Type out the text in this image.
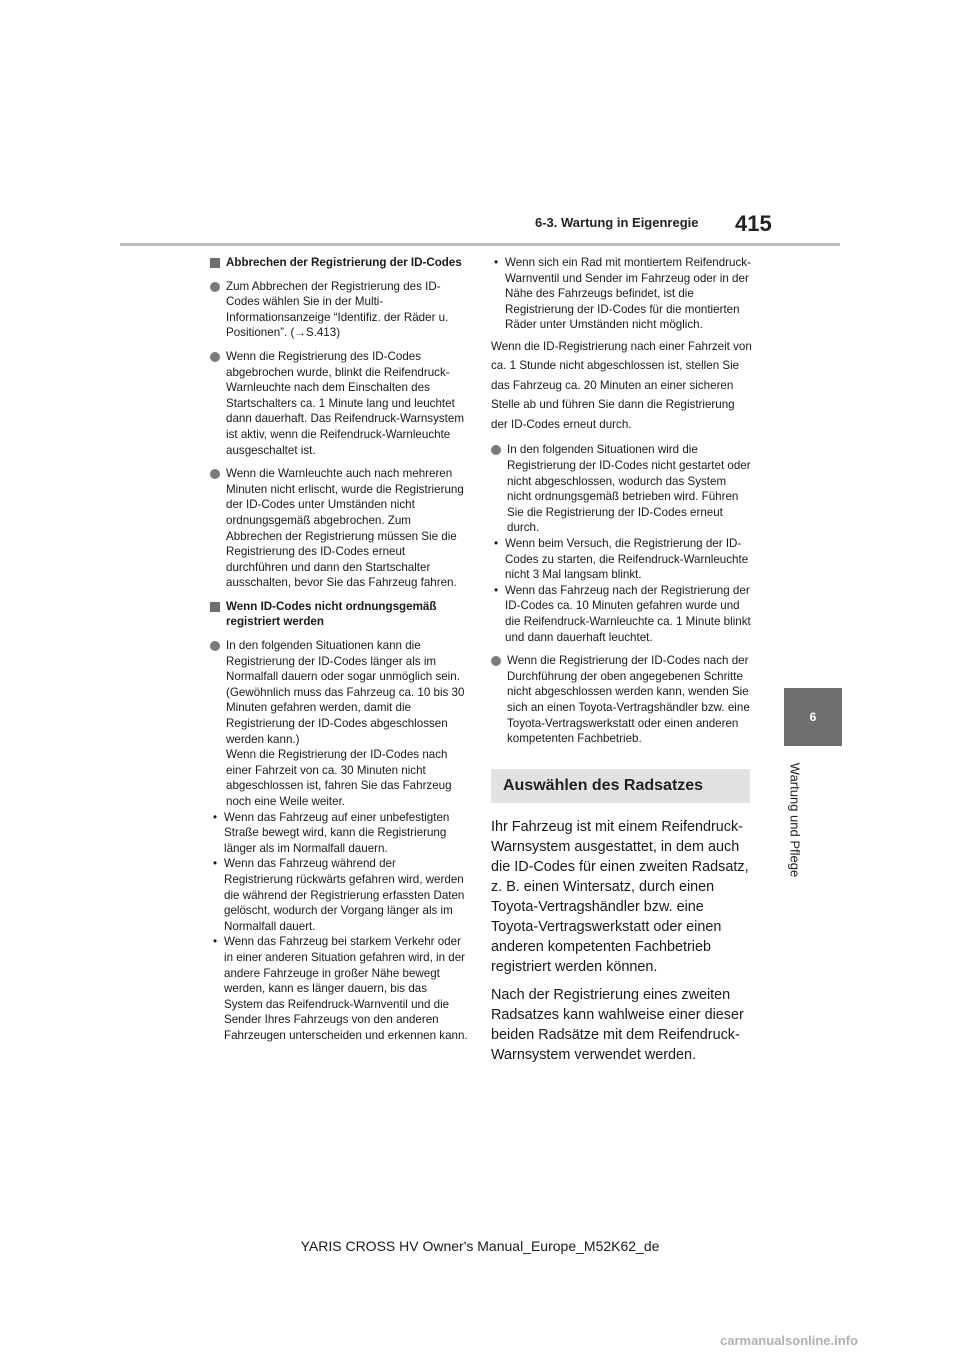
6-3. Wartung in Eigenregie 415
6
Wartung und Pflege
Abbrechen der Registrierung der ID-Codes
Zum Abbrechen der Registrierung des ID-Codes wählen Sie in der Multi-Informationsanzeige “Identifiz. der Räder u. Positionen”. (→S.413)
Wenn die Registrierung des ID-Codes abgebrochen wurde, blinkt die Reifendruck-Warnleuchte nach dem Einschalten des Startschalters ca. 1 Minute lang und leuchtet dann dauerhaft. Das Reifendruck-Warnsystem ist aktiv, wenn die Reifendruck-Warnleuchte ausgeschaltet ist.
Wenn die Warnleuchte auch nach mehreren Minuten nicht erlischt, wurde die Registrierung der ID-Codes unter Umständen nicht ordnungsgemäß abgebrochen. Zum Abbrechen der Registrierung müssen Sie die Registrierung des ID-Codes erneut durchführen und dann den Startschalter ausschalten, bevor Sie das Fahrzeug fahren.
Wenn ID-Codes nicht ordnungsgemäß registriert werden
In den folgenden Situationen kann die Registrierung der ID-Codes länger als im Normalfall dauern oder sogar unmöglich sein. (Gewöhnlich muss das Fahrzeug ca. 10 bis 30 Minuten gefahren werden, damit die Registrierung der ID-Codes abgeschlossen werden kann.)
Wenn die Registrierung der ID-Codes nach einer Fahrzeit von ca. 30 Minuten nicht abgeschlossen ist, fahren Sie das Fahrzeug noch eine Weile weiter.
• Wenn das Fahrzeug auf einer unbefestigten Straße bewegt wird, kann die Registrierung länger als im Normalfall dauern.
• Wenn das Fahrzeug während der Registrierung rückwärts gefahren wird, werden die während der Registrierung erfassten Daten gelöscht, wodurch der Vorgang länger als im Normalfall dauert.
• Wenn das Fahrzeug bei starkem Verkehr oder in einer anderen Situation gefahren wird, in der andere Fahrzeuge in großer Nähe bewegt werden, kann es länger dauern, bis das System das Reifendruck-Warnventil und die Sender Ihres Fahrzeugs von den anderen Fahrzeugen unterscheiden und erkennen kann.
• Wenn sich ein Rad mit montiertem Reifendruck-Warnventil und Sender im Fahrzeug oder in der Nähe des Fahrzeugs befindet, ist die Registrierung der ID-Codes für die montierten Räder unter Umständen nicht möglich.
Wenn die ID-Registrierung nach einer Fahrzeit von ca. 1 Stunde nicht abgeschlossen ist, stellen Sie das Fahrzeug ca. 20 Minuten an einer sicheren Stelle ab und führen Sie dann die Registrierung der ID-Codes erneut durch.
In den folgenden Situationen wird die Registrierung der ID-Codes nicht gestartet oder nicht abgeschlossen, wodurch das System nicht ordnungsgemäß betrieben wird. Führen Sie die Registrierung der ID-Codes erneut durch.
• Wenn beim Versuch, die Registrierung der ID-Codes zu starten, die Reifendruck-Warnleuchte nicht 3 Mal langsam blinkt.
• Wenn das Fahrzeug nach der Registrierung der ID-Codes ca. 10 Minuten gefahren wurde und die Reifendruck-Warnleuchte ca. 1 Minute blinkt und dann dauerhaft leuchtet.
Wenn die Registrierung der ID-Codes nach der Durchführung der oben angegebenen Schritte nicht abgeschlossen werden kann, wenden Sie sich an einen Toyota-Vertragshändler bzw. eine Toyota-Vertragswerkstatt oder einen anderen kompetenten Fachbetrieb.
Auswählen des Radsatzes
Ihr Fahrzeug ist mit einem Reifendruck-Warnsystem ausgestattet, in dem auch die ID-Codes für einen zweiten Radsatz, z. B. einen Wintersatz, durch einen Toyota-Vertragshändler bzw. eine Toyota-Vertragswerkstatt oder einen anderen kompetenten Fachbetrieb registriert werden können.
Nach der Registrierung eines zweiten Radsatzes kann wahlweise einer dieser beiden Radsätze mit dem Reifendruck-Warnsystem verwendet werden.
YARIS CROSS HV Owner's Manual_Europe_M52K62_de
carmanualsonline.info
